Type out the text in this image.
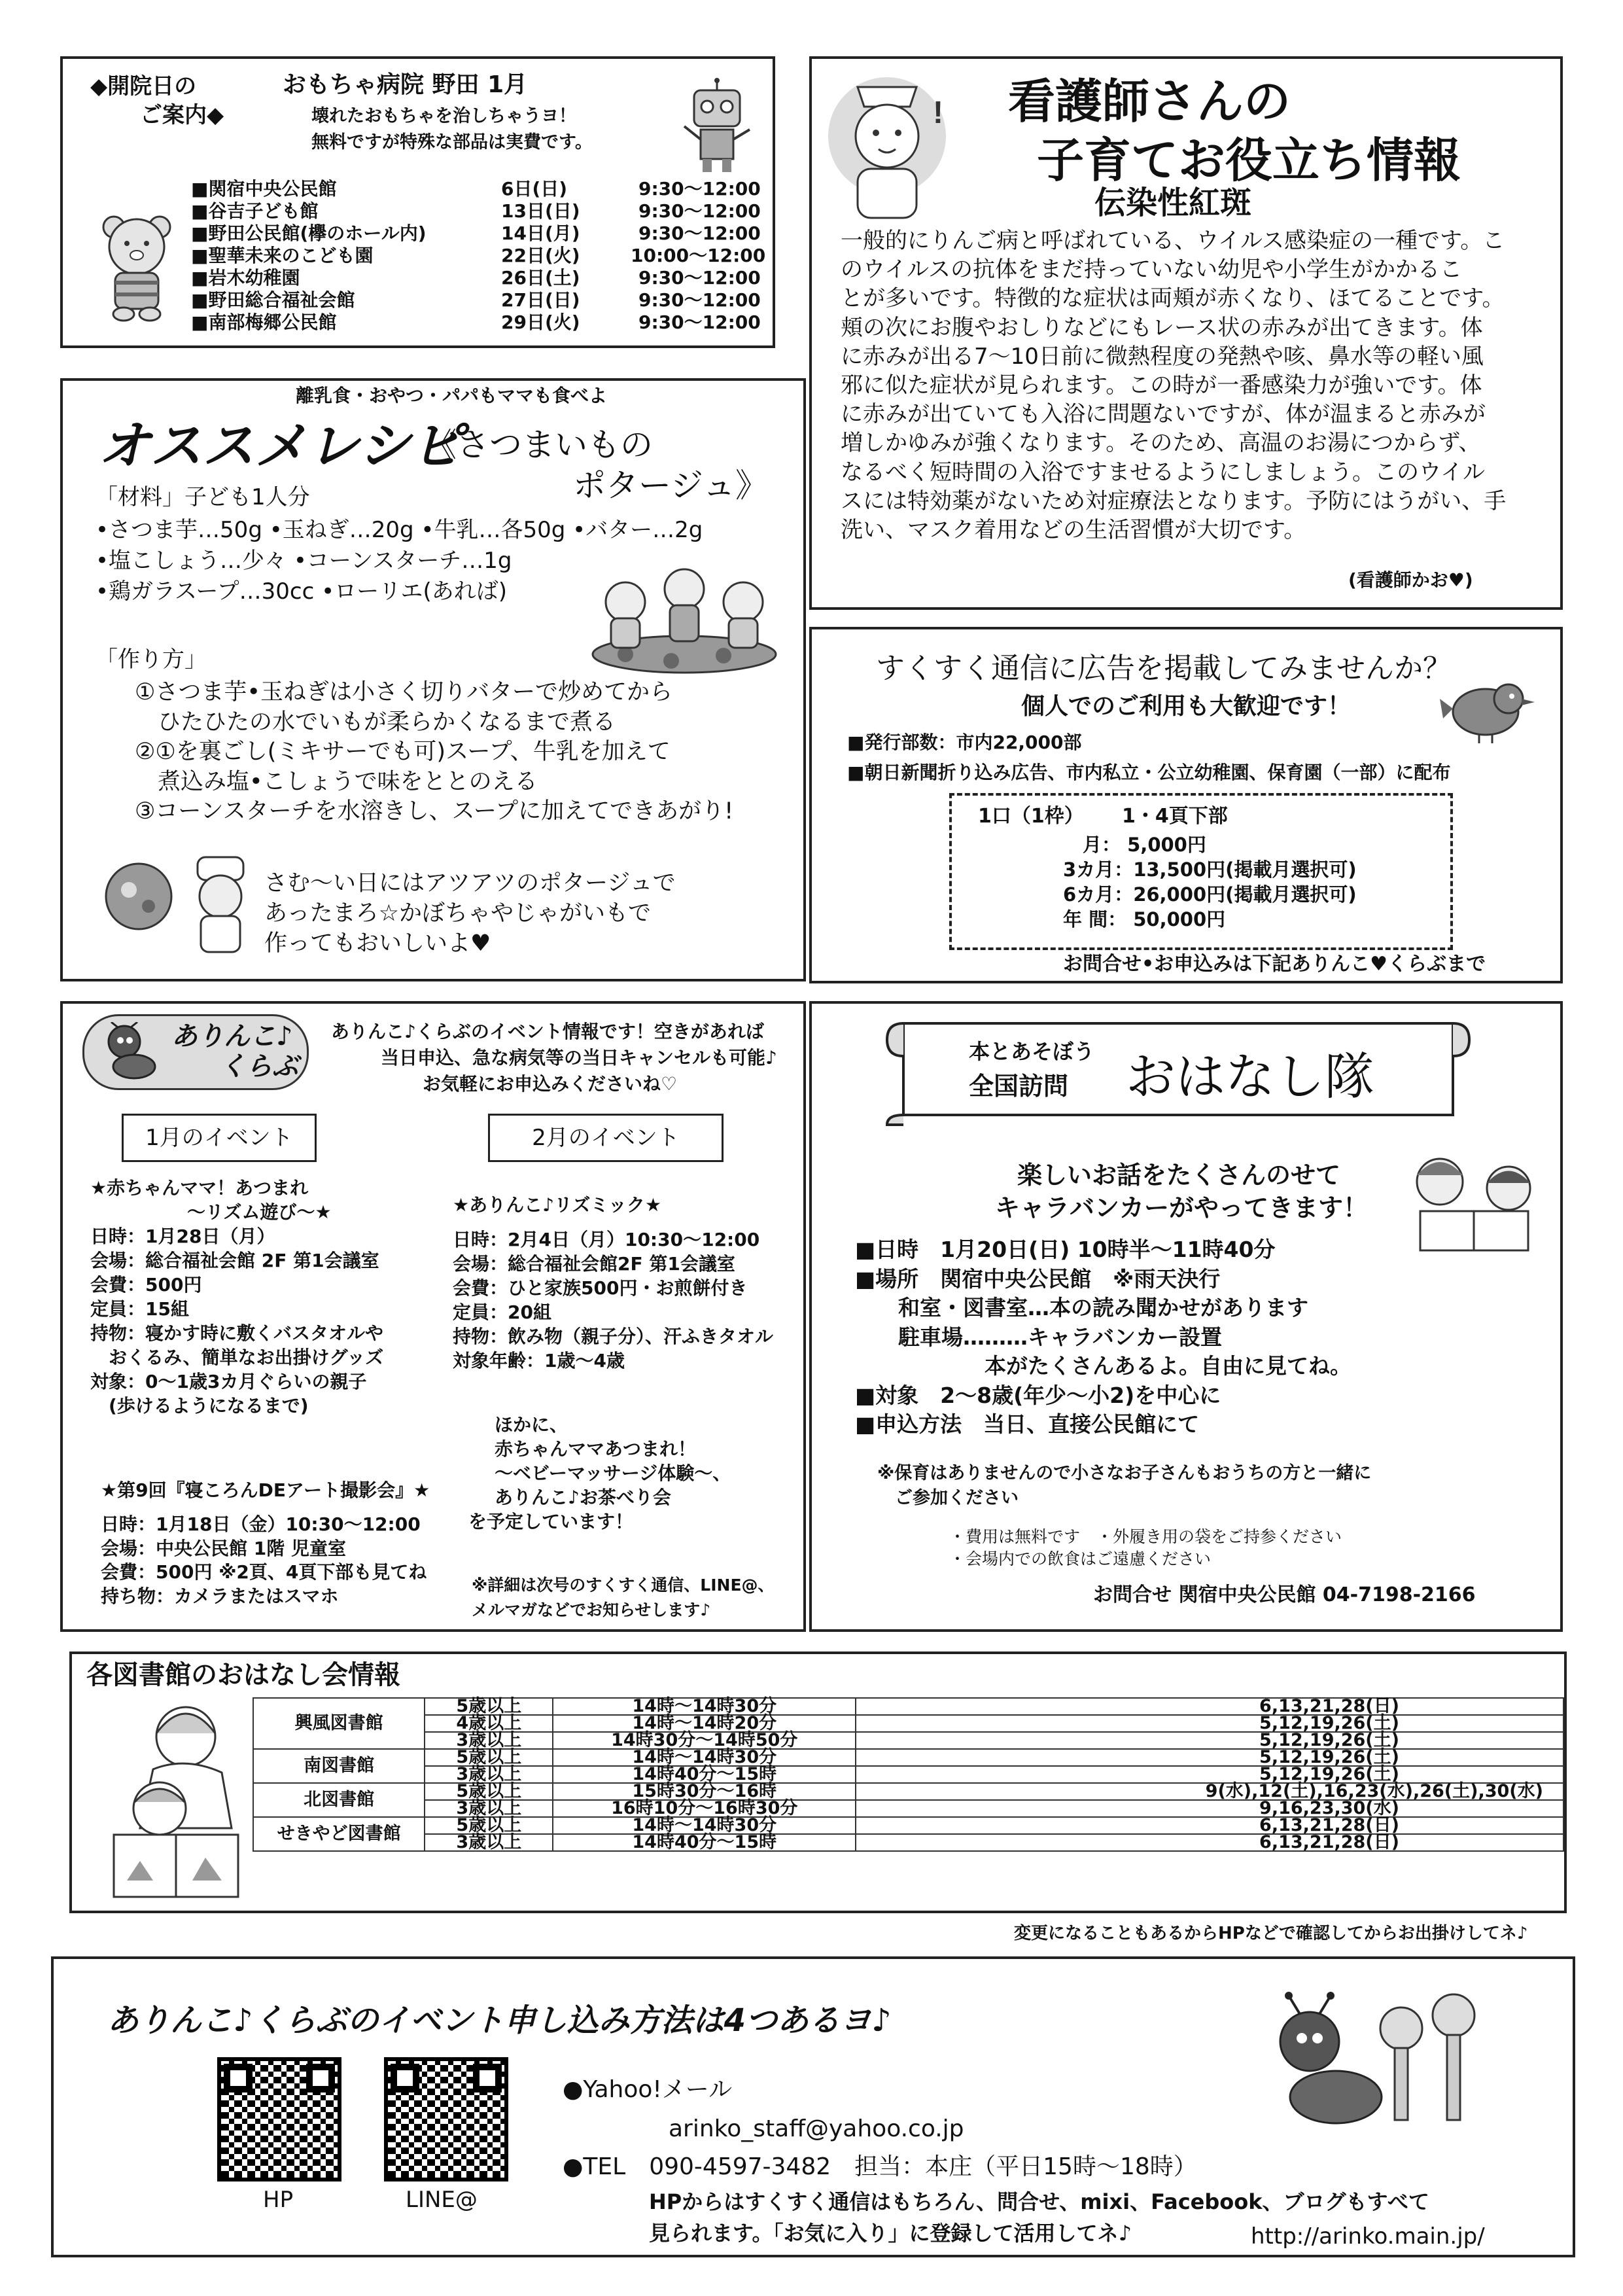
◆開院日の
ご案内◆
おもちゃ病院 野田 1月
壊れたおもちゃを治しちゃうヨ！
無料ですが特殊な部品は実費です。
■関宿中央公民館	6日(日)	9:30～12:00
■谷吉子ども館	13日(日)	9:30～12:00
■野田公民館(欅のホール内)	14日(月)	9:30～12:00
■聖華未来のこども園	22日(火)	10:00～12:00
■岩木幼稚園	26日(土)	9:30～12:00
■野田総合福祉会館	27日(日)	9:30～12:00
■南部梅郷公民館	29日(火)	9:30～12:00
離乳食・おやつ・パパもママも食べよ
オススメレシピ
《さつまいもの
ポタージュ》
「材料」子ども1人分
•さつま芋…50g •玉ねぎ…20g •牛乳…各50g •バター…2g
•塩こしょう…少々 •コーンスターチ…1g
•鶏ガラスープ…30cc •ローリエ(あれば)
「作り方」
①さつま芋•玉ねぎは小さく切りバターで炒めてから
　ひたひたの水でいもが柔らかくなるまで煮る
②①を裏ごし(ミキサーでも可)スープ、牛乳を加えて
　煮込み塩•こしょうで味をととのえる
③コーンスターチを水溶きし、スープに加えてできあがり!
さむ～い日にはアツアツのポタージュで
あったまろ☆かぼちゃやじゃがいもで
作ってもおいしいよ♥
! 看護師さんの
子育てお役立ち情報
伝染性紅斑
一般的にりんご病と呼ばれている、ウイルス感染症の一種です。こ
のウイルスの抗体をまだ持っていない幼児や小学生がかかるこ
とが多いです。特徴的な症状は両頬が赤くなり、ほてることです。
頬の次にお腹やおしりなどにもレース状の赤みが出てきます。体
に赤みが出る7～10日前に微熱程度の発熱や咳、鼻水等の軽い風
邪に似た症状が見られます。この時が一番感染力が強いです。体
に赤みが出ていても入浴に問題ないですが、体が温まると赤みが
増しかゆみが強くなります。そのため、高温のお湯につからず、
なるべく短時間の入浴ですませるようにしましょう。このウイル
スには特効薬がないため対症療法となります。予防にはうがい、手
洗い、マスク着用などの生活習慣が大切です。
(看護師かお♥)
すくすく通信に広告を掲載してみませんか？
個人でのご利用も大歓迎です！
■発行部数：市内22,000部
■朝日新聞折り込み広告、市内私立・公立幼稚園、保育園（一部）に配布
1口（1枠） 1・4頁下部
月： 5,000円
3カ月：13,500円(掲載月選択可)
6カ月：26,000円(掲載月選択可)
年 間： 50,000円
お問合せ•お申込みは下記ありんこ♥くらぶまで
ありんこ♪
くらぶ
ありんこ♪くらぶのイベント情報です！空きがあれば
当日申込、急な病気等の当日キャンセルも可能♪
お気軽にお申込みくださいね♡
1月のイベント	2月のイベント
★赤ちゃんママ！あつまれ
　～リズム遊び～★
日時：1月28日（月）
会場：総合福祉会館 2F 第1会議室
会費：500円
定員：15組
持物：寝かす時に敷くバスタオルや
　おくるみ、簡単なお出掛けグッズ
対象：0～1歳3カ月ぐらいの親子
　(歩けるようになるまで)
★第9回『寝ころんDEアート撮影会』★
日時：1月18日（金）10:30～12:00
会場：中央公民館 1階 児童室
会費：500円 ※2頁、4頁下部も見てね
持ち物：カメラまたはスマホ
★ありんこ♪リズミック★
日時：2月4日（月）10:30～12:00
会場：総合福祉会館2F 第1会議室
会費：ひと家族500円・お煎餅付き
定員：20組
持物：飲み物（親子分）、汗ふきタオル
対象年齢：1歳～4歳
ほかに、
赤ちゃんママあつまれ！
～ベビーマッサージ体験～、
ありんこ♪お茶べり会
を予定しています！
※詳細は次号のすくすく通信、LINE@、
メルマガなどでお知らせします♪
本とあそぼう
全国訪問 おはなし隊
楽しいお話をたくさんのせて
キャラバンカーがやってきます！
■日時　1月20日(日) 10時半～11時40分
■場所　関宿中央公民館　※雨天決行
　　和室・図書室…本の読み聞かせがあります
　　駐車場………キャラバンカー設置
　　　　　　本がたくさんあるよ。自由に見てね。
■対象　2～8歳(年少～小2)を中心に
■申込方法　当日、直接公民館にて
※保育はありませんので小さなお子さんもおうちの方と一緒に
　ご参加ください
・費用は無料です　・外履き用の袋をご持参ください
・会場内での飲食はご遠慮ください
お問合せ 関宿中央公民館 04-7198-2166
各図書館のおはなし会情報
興風図書館	5歳以上	14時～14時30分	6,13,21,28(日)
	4歳以上	14時～14時20分	5,12,19,26(土)
	3歳以上	14時30分～14時50分	5,12,19,26(土)
南図書館	5歳以上	14時～14時30分	5,12,19,26(土)
	3歳以上	14時40分～15時	5,12,19,26(土)
北図書館	5歳以上	15時30分～16時	9(水),12(土),16,23(水),26(土),30(水)
	3歳以上	16時10分～16時30分	9,16,23,30(水)
せきやど図書館	5歳以上	14時～14時30分	6,13,21,28(日)
	3歳以上	14時40分～15時	6,13,21,28(日)
変更になることもあるからHPなどで確認してからお出掛けしてネ♪
ありんこ♪くらぶのイベント申し込み方法は4つあるヨ♪
HP	LINE@
●Yahoo!メール
arinko_staff@yahoo.co.jp
●TEL　090-4597-3482　担当：本庄（平日15時～18時）
HPからはすくすく通信はもちろん、問合せ、mixi、Facebook、ブログもすべて
見られます。「お気に入り」に登録して活用してネ♪	http://arinko.main.jp/
